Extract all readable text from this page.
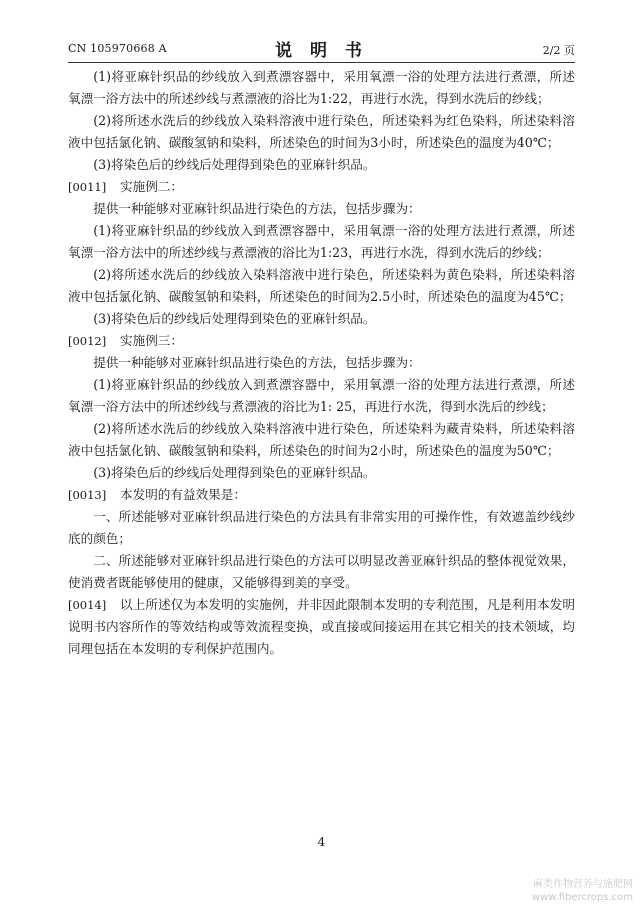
CN 105970668 A	说 明 书	2/2 页

(1)将亚麻针织品的纱线放入到煮漂容器中，采用氧漂一浴的处理方法进行煮漂，所述氧漂一浴方法中的所述纱线与煮漂液的浴比为1:22，再进行水洗，得到水洗后的纱线；

(2)将所述水洗后的纱线放入染料溶液中进行染色，所述染料为红色染料，所述染料溶液中包括氯化钠、碳酸氢钠和染料，所述染色的时间为3小时，所述染色的温度为40℃；

(3)将染色后的纱线后处理得到染色的亚麻针织品。

[0011] 实施例二：

提供一种能够对亚麻针织品进行染色的方法，包括步骤为：

(1)将亚麻针织品的纱线放入到煮漂容器中，采用氧漂一浴的处理方法进行煮漂，所述氧漂一浴方法中的所述纱线与煮漂液的浴比为1:23，再进行水洗，得到水洗后的纱线；

(2)将所述水洗后的纱线放入染料溶液中进行染色，所述染料为黄色染料，所述染料溶液中包括氯化钠、碳酸氢钠和染料，所述染色的时间为2.5小时，所述染色的温度为45℃；

(3)将染色后的纱线后处理得到染色的亚麻针织品。

[0012] 实施例三：

提供一种能够对亚麻针织品进行染色的方法，包括步骤为：

(1)将亚麻针织品的纱线放入到煮漂容器中，采用氧漂一浴的处理方法进行煮漂，所述氧漂一浴方法中的所述纱线与煮漂液的浴比为1: 25，再进行水洗，得到水洗后的纱线；

(2)将所述水洗后的纱线放入染料溶液中进行染色，所述染料为藏青染料，所述染料溶液中包括氯化钠、碳酸氢钠和染料，所述染色的时间为2小时，所述染色的温度为50℃；

(3)将染色后的纱线后处理得到染色的亚麻针织品。

[0013] 本发明的有益效果是：

一、所述能够对亚麻针织品进行染色的方法具有非常实用的可操作性，有效遮盖纱线纱底的颜色；

二、所述能够对亚麻针织品进行染色的方法可以明显改善亚麻针织品的整体视觉效果，使消费者既能够使用的健康，又能够得到美的享受。

[0014] 以上所述仅为本发明的实施例，并非因此限制本发明的专利范围，凡是利用本发明说明书内容所作的等效结构或等效流程变换，或直接或间接运用在其它相关的技术领域，均同理包括在本发明的专利保护范围内。

4
麻类作物营养与施肥网
www.fibercrops.com
